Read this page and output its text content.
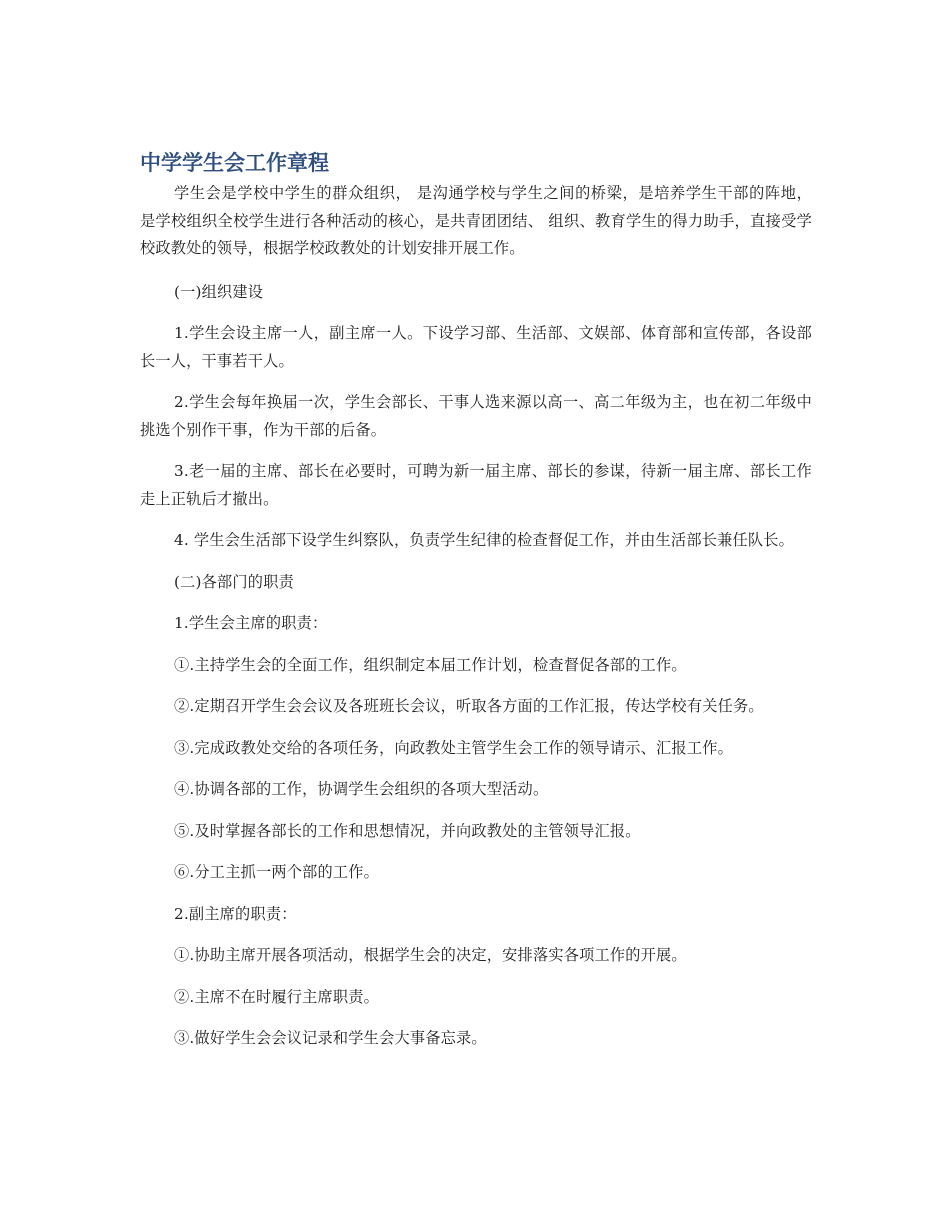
中学学生会工作章程
学生会是学校中学生的群众组织， 是沟通学校与学生之间的桥梁，是培养学生干部的阵地， 是学校组织全校学生进行各种活动的核心，是共青团团结、 组织、教育学生的得力助手，直接受学校政教处的领导，根据学校政教处的计划安排开展工作。
(一)组织建设
1.学生会设主席一人，副主席一人。下设学习部、生活部、文娱部、体育部和宣传部，各设部长一人，干事若干人。
2.学生会每年换届一次，学生会部长、干事人选来源以高一、高二年级为主，也在初二年级中挑选个别作干事，作为干部的后备。
3.老一届的主席、部长在必要时，可聘为新一届主席、部长的参谋，待新一届主席、部长工作走上正轨后才撤出。
4. 学生会生活部下设学生纠察队，负责学生纪律的检查督促工作，并由生活部长兼任队长。
(二)各部门的职责
1.学生会主席的职责：
①.主持学生会的全面工作，组织制定本届工作计划，检查督促各部的工作。
②.定期召开学生会会议及各班班长会议，听取各方面的工作汇报，传达学校有关任务。
③.完成政教处交给的各项任务，向政教处主管学生会工作的领导请示、汇报工作。
④.协调各部的工作，协调学生会组织的各项大型活动。
⑤.及时掌握各部长的工作和思想情况，并向政教处的主管领导汇报。
⑥.分工主抓一两个部的工作。
2.副主席的职责：
①.协助主席开展各项活动，根据学生会的决定，安排落实各项工作的开展。
②.主席不在时履行主席职责。
③.做好学生会会议记录和学生会大事备忘录。
